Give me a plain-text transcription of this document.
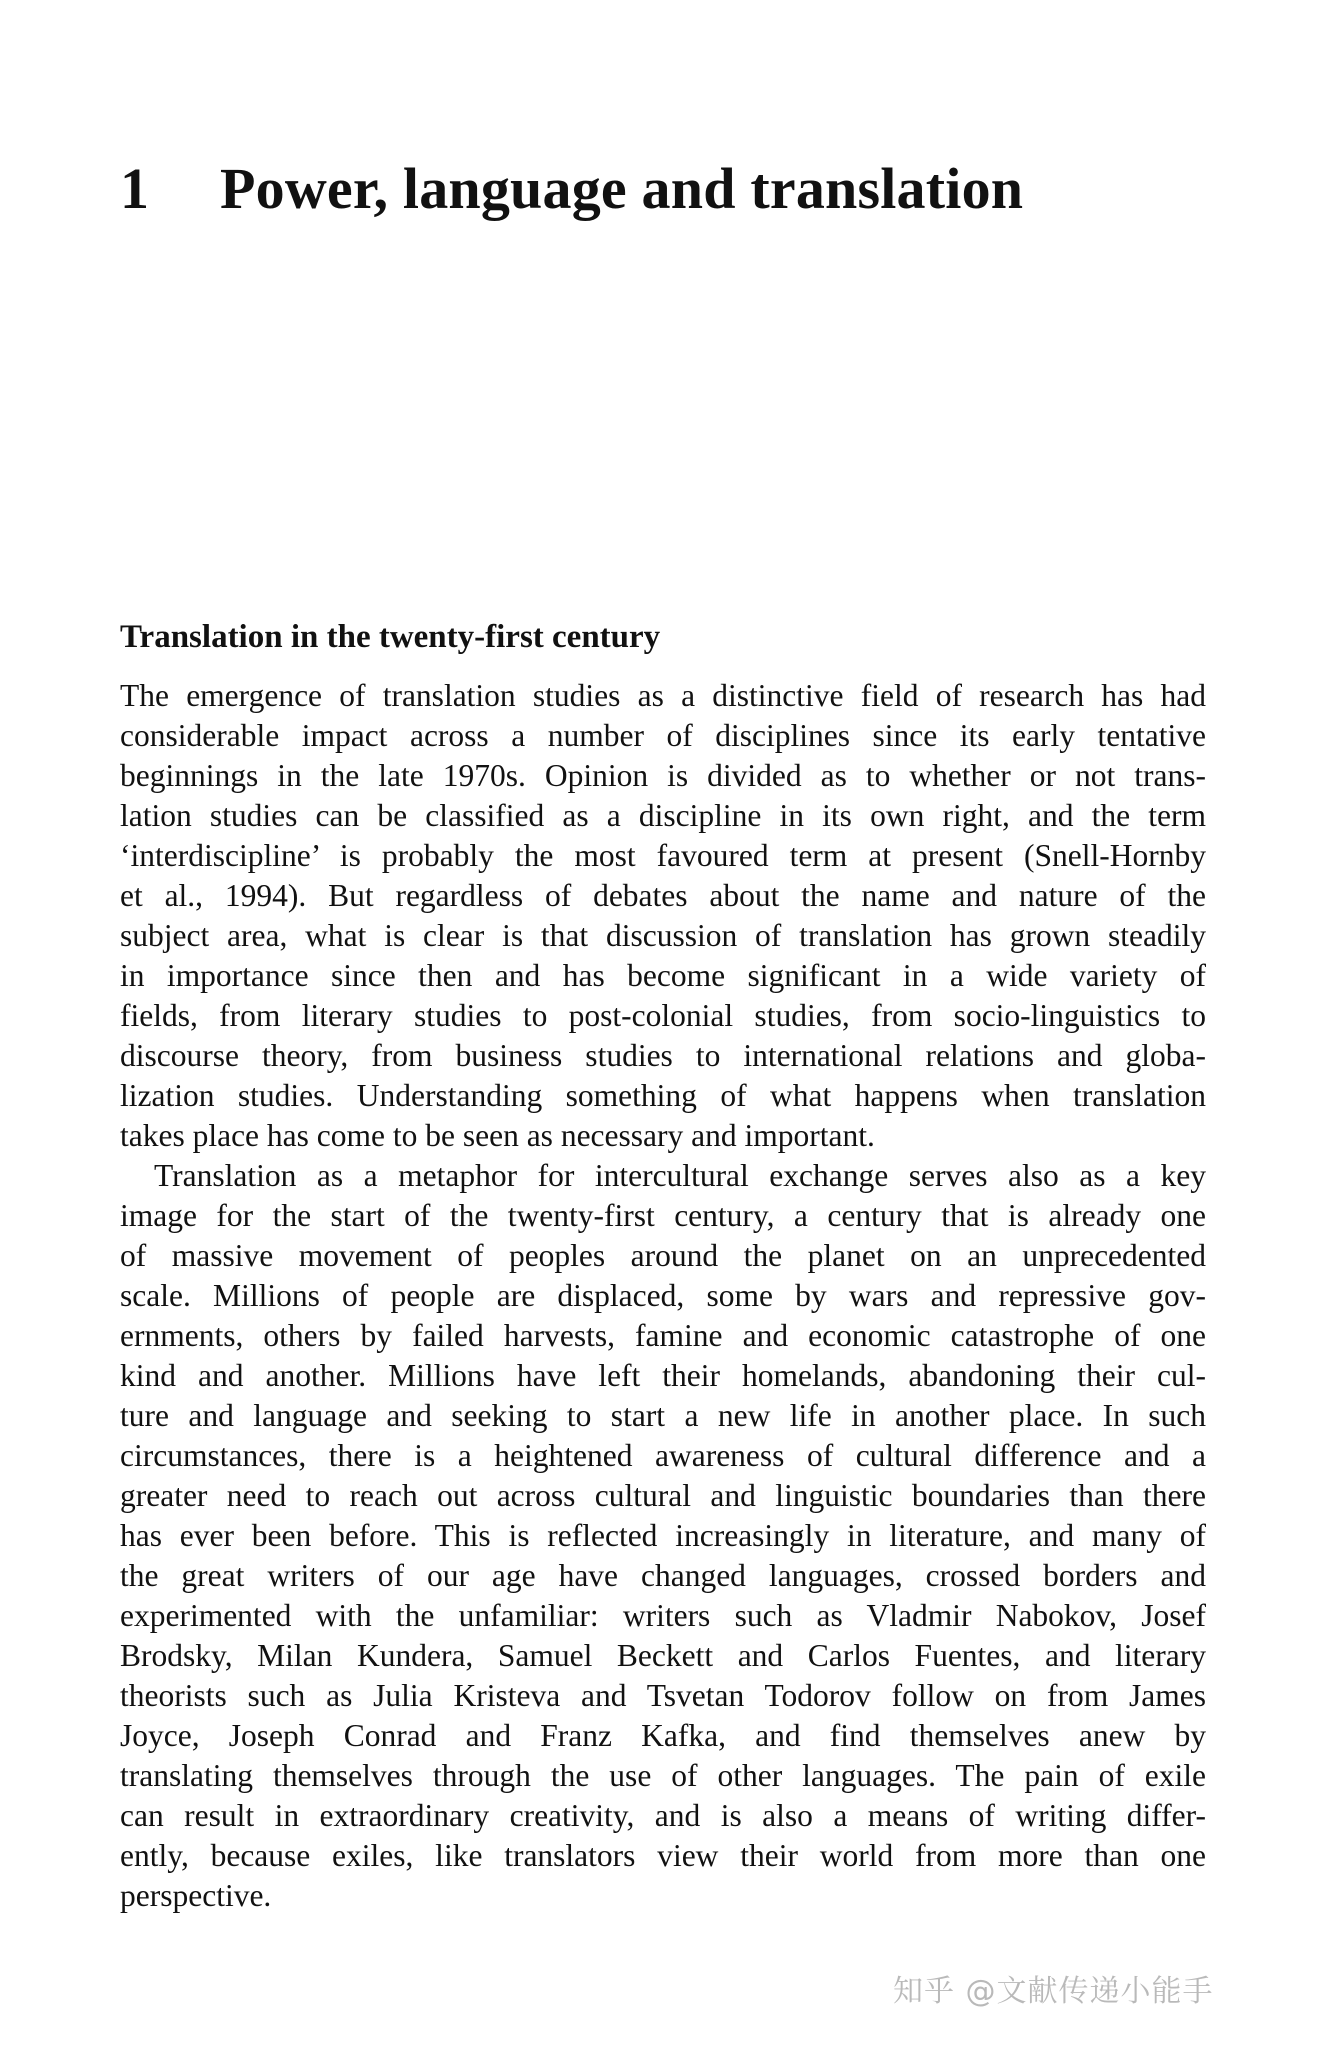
1 Power, language and translation
Translation in the twenty-first century
The emergence of translation studies as a distinctive field of research has had
considerable impact across a number of disciplines since its early tentative
beginnings in the late 1970s. Opinion is divided as to whether or not trans-
lation studies can be classified as a discipline in its own right, and the term
‘interdiscipline’ is probably the most favoured term at present (Snell-Hornby
et al., 1994). But regardless of debates about the name and nature of the
subject area, what is clear is that discussion of translation has grown steadily
in importance since then and has become significant in a wide variety of
fields, from literary studies to post-colonial studies, from socio-linguistics to
discourse theory, from business studies to international relations and globa-
lization studies. Understanding something of what happens when translation
takes place has come to be seen as necessary and important.
Translation as a metaphor for intercultural exchange serves also as a key
image for the start of the twenty-first century, a century that is already one
of massive movement of peoples around the planet on an unprecedented
scale. Millions of people are displaced, some by wars and repressive gov-
ernments, others by failed harvests, famine and economic catastrophe of one
kind and another. Millions have left their homelands, abandoning their cul-
ture and language and seeking to start a new life in another place. In such
circumstances, there is a heightened awareness of cultural difference and a
greater need to reach out across cultural and linguistic boundaries than there
has ever been before. This is reflected increasingly in literature, and many of
the great writers of our age have changed languages, crossed borders and
experimented with the unfamiliar: writers such as Vladmir Nabokov, Josef
Brodsky, Milan Kundera, Samuel Beckett and Carlos Fuentes, and literary
theorists such as Julia Kristeva and Tsvetan Todorov follow on from James
Joyce, Joseph Conrad and Franz Kafka, and find themselves anew by
translating themselves through the use of other languages. The pain of exile
can result in extraordinary creativity, and is also a means of writing differ-
ently, because exiles, like translators view their world from more than one
perspective.
知乎 @文献传递小能手
